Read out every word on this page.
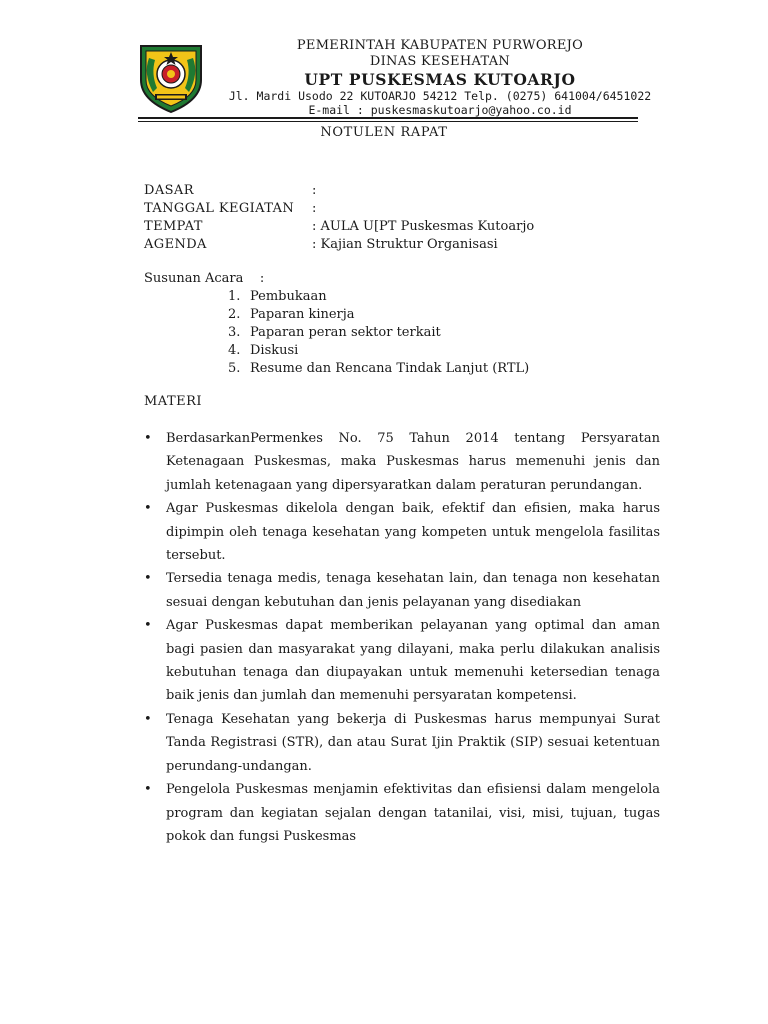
PEMERINTAH KABUPATEN PURWOREJO
DINAS KESEHATAN
UPT PUSKESMAS KUTOARJO
Jl. Mardi Usodo 22 KUTOARJO 54212 Telp. (0275) 641004/6451022
E-mail : puskesmaskutoarjo@yahoo.co.id
NOTULEN RAPAT
DASAR	:
TANGGAL KEGIATAN	:
TEMPAT	: AULA U[PT Puskesmas Kutoarjo
AGENDA	: Kajian Struktur Organisasi
Susunan Acara    :
1. Pembukaan
2. Paparan kinerja
3. Paparan peran sektor terkait
4. Diskusi
5. Resume dan Rencana Tindak Lanjut (RTL)
MATERI
• BerdasarkanPermenkes No. 75 Tahun 2014 tentang Persyaratan Ketenagaan Puskesmas, maka Puskesmas harus memenuhi jenis dan jumlah ketenagaan yang dipersyaratkan dalam peraturan perundangan.
• Agar Puskesmas dikelola dengan baik, efektif dan efisien, maka harus dipimpin oleh tenaga kesehatan yang kompeten untuk mengelola fasilitas tersebut.
• Tersedia tenaga medis, tenaga kesehatan lain, dan tenaga non kesehatan sesuai dengan kebutuhan dan jenis pelayanan yang disediakan
• Agar Puskesmas dapat memberikan pelayanan yang optimal dan aman bagi pasien dan masyarakat yang dilayani, maka perlu dilakukan analisis kebutuhan tenaga dan diupayakan untuk memenuhi ketersedian tenaga baik jenis dan jumlah dan memenuhi persyaratan kompetensi.
• Tenaga Kesehatan yang bekerja di Puskesmas harus mempunyai Surat Tanda Registrasi (STR), dan atau Surat Ijin Praktik (SIP) sesuai ketentuan perundang-undangan.
• Pengelola Puskesmas menjamin efektivitas dan efisiensi dalam mengelola program dan kegiatan sejalan dengan tatanilai, visi, misi, tujuan, tugas pokok dan fungsi Puskesmas
